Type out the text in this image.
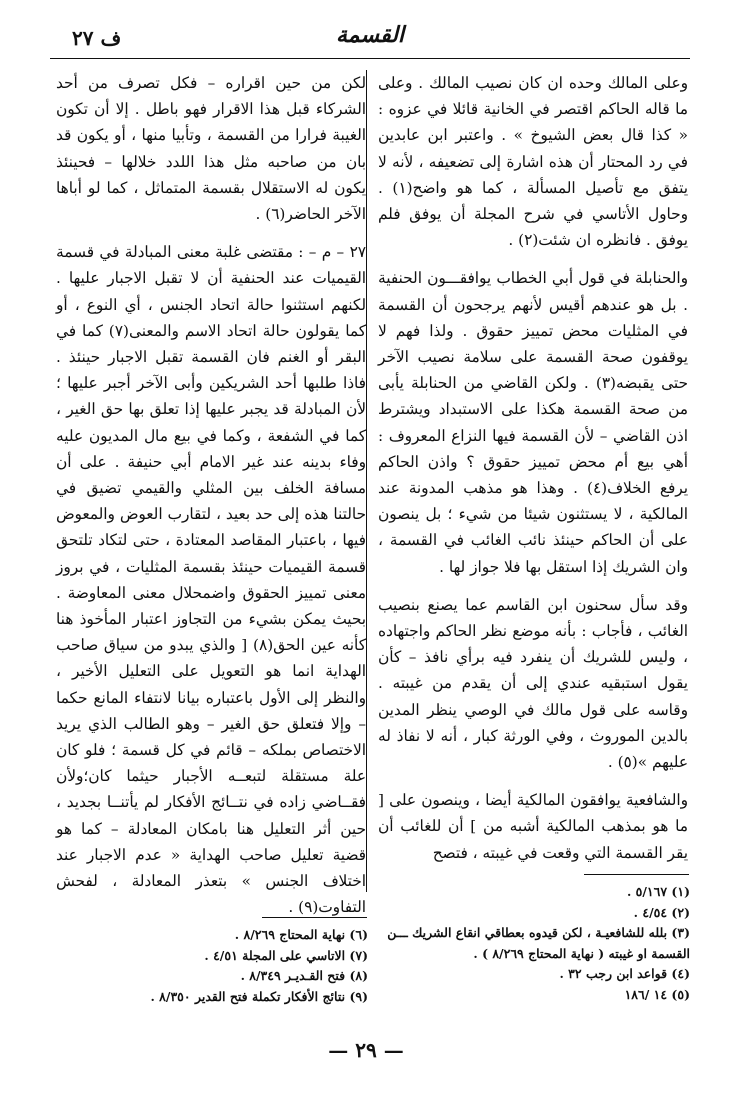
ف ٢٧	القسمة

وعلى المالك وحده ان كان نصيب المالك . وعلى ما قاله الحاكم اقتصر في الخانية قائلا في عزوه : « كذا قال بعض الشيوخ » . واعتبر ابن عابدين في رد المحتار أن هذه اشارة إلى تضعيفه ، لأنه لا يتفق مع تأصيل المسألة ، كما هو واضح(١) . وحاول الأتاسي في شرح المجلة أن يوفق فلم يوفق . فانظره ان شئت(٢) .

والحنابلة في قول أبي الخطاب يوافقـــون الحنفية . بل هو عندهم أقيس لأنهم يرجحون أن القسمة في المثليات محض تمييز حقوق . ولذا فهم لا يوقفون صحة القسمة على سلامة نصيب الآخر حتى يقبضه(٣) . ولكن القاضي من الحنابلة يأبى من صحة القسمة هكذا على الاستبداد ويشترط اذن القاضي – لأن القسمة فيها النزاع المعروف : أهي بيع أم محض تمييز حقوق ؟ واذن الحاكم يرفع الخلاف(٤) . وهذا هو مذهب المدونة عند المالكية ، لا يستثنون شيئا من شيء ؛ بل ينصون على أن الحاكم حينئذ نائب الغائب في القسمة ، وان الشريك إذا استقل بها فلا جواز لها .

وقد سأل سحنون ابن القاسم عما يصنع بنصيب الغائب ، فأجاب : بأنه موضع نظر الحاكم واجتهاده ، وليس للشريك أن ينفرد فيه برأي نافذ – كأن يقول استبقيه عندي إلى أن يقدم من غيبته . وقاسه على قول مالك في الوصي ينظر المدين بالدين الموروث ، وفي الورثة كبار ، أنه لا نفاذ له عليهم »(٥) .

والشافعية يوافقون المالكية أيضا ، وينصون على [ ما هو بمذهب المالكية أشبه من ] أن للغائب أن يقر القسمة التي وقعت في غيبته ، فتصح

لكن من حين اقراره – فكل تصرف من أحد الشركاء قبل هذا الاقرار فهو باطل . إلا أن تكون الغيبة فرارا من القسمة ، وتأبيا منها ، أو يكون قد بان من صاحبه مثل هذا اللدد خلالها – فحينئذ يكون له الاستقلال بقسمة المتماثل ، كما لو أباها الآخر الحاضر(٦) .

٢٧ – م – : مقتضى غلبة معنى المبادلة في قسمة القيميات عند الحنفية أن لا تقبل الاجبار عليها . لكنهم استثنوا حالة اتحاد الجنس ، أي النوع ، أو كما يقولون حالة اتحاد الاسم والمعنى(٧) كما في البقر أو الغنم فان القسمة تقبل الاجبار حينئذ . فاذا طلبها أحد الشريكين وأبى الآخر أجبر عليها ؛ لأن المبادلة قد يجبر عليها إذا تعلق بها حق الغير ، كما في الشفعة ، وكما في بيع مال المديون عليه وفاء بدينه عند غير الامام أبي حنيفة . على أن مسافة الخلف بين المثلي والقيمي تضيق في حالتنا هذه إلى حد بعيد ، لتقارب العوض والمعوض فيها ، باعتبار المقاصد المعتادة ، حتى لتكاد تلتحق قسمة القيميات حينئذ بقسمة المثليات ، في بروز معنى تمييز الحقوق واضمحلال معنى المعاوضة . بحيث يمكن بشيء من التجاوز اعتبار المأخوذ هنا كأنه عين الحق(٨) [ والذي يبدو من سياق صاحب الهداية انما هو التعويل على التعليل الأخير ، والنظر إلى الأول باعتباره بيانا لانتفاء المانع حكما – وإلا فتعلق حق الغير – وهو الطالب الذي يريد الاختصاص بملكه – قائم في كل قسمة ؛ فلو كان علة مستقلة لتبعــه الأجبار حيثما كان؛ولأن فقــاضي زاده في نتــائج الأفكار لم يأتنــا بجديد ، حين أثر التعليل هنا بامكان المعادلة – كما هو قضية تعليل صاحب الهداية « عدم الاجبار عند اختلاف الجنس » بتعذر المعادلة ، لفحش التفاوت(٩) .

(١) ٥/١٦٧ .
(٢) ٤/٥٤ .
(٣) بلله للشافعيـة ، لكن قيدوه بعطاقي انقاع الشريك ـــن
القسمة او غيبته ( نهاية المحتاج ٨/٢٦٩ ) .
(٤) قواعد ابن رجب ٣٢ .
(٥) ١٤ /١٨٦
(٦) نهاية المحتاج ٨/٢٦٩ .
(٧) الاتاسي على المجلة ٤/٥١ .
(٨) فتح القـديـر ٨/٣٤٩ .
(٩) نتائج الأفكار تكملة فتح القدير ٨/٣٥٠ .
— ٢٩ —
